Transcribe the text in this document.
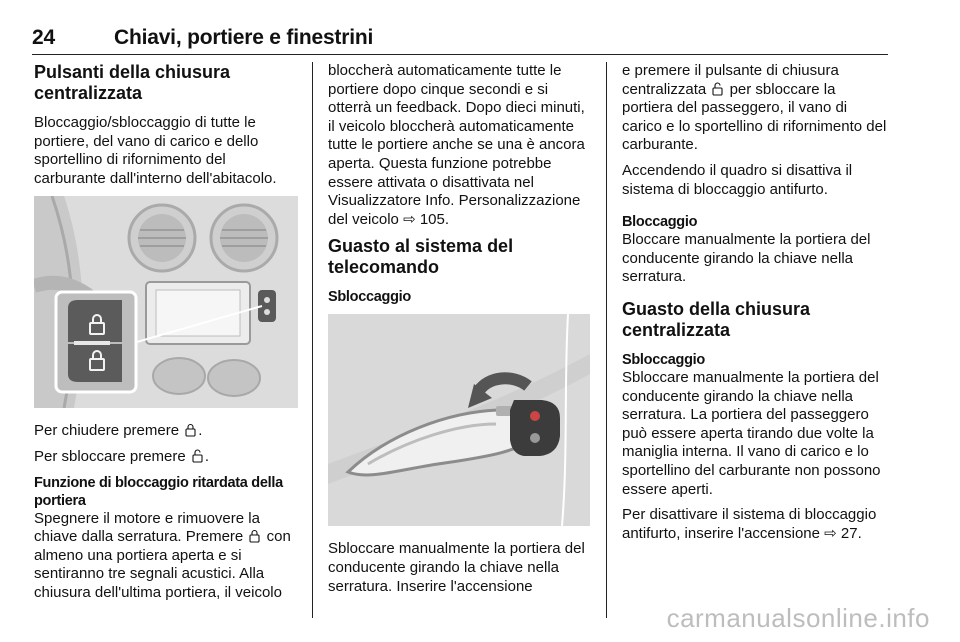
24	Chiavi, portiere e finestrini
Pulsanti della chiusura centralizzata

Bloccaggio/sbloccaggio di tutte le portiere, del vano di carico e dello sportellino di rifornimento del carburante dall'interno dell'abitacolo.

Per chiudere premere .

Per sbloccare premere .

Funzione di bloccaggio ritardata della portiera

Spegnere il motore e rimuovere la chiave dalla serratura. Premere con almeno una portiera aperta e si sentiranno tre segnali acustici. Alla chiusura dell'ultima portiera, il veicolo

bloccherà automaticamente tutte le portiere dopo cinque secondi e si otterrà un feedback. Dopo dieci minuti, il veicolo bloccherà automaticamente tutte le portiere anche se una è ancora aperta. Questa funzione potrebbe essere attivata o disattivata nel Visualizzatore Info. Personalizzazione del veicolo ⇨ 105.

Guasto al sistema del telecomando
Sbloccaggio

Sbloccare manualmente la portiera del conducente girando la chiave nella serratura. Inserire l'accensione

e premere il pulsante di chiusura centralizzata per sbloccare la portiera del passeggero, il vano di carico e lo sportellino di rifornimento del carburante.

Accendendo il quadro si disattiva il sistema di bloccaggio antifurto.

Bloccaggio

Bloccare manualmente la portiera del conducente girando la chiave nella serratura.

Guasto della chiusura centralizzata
Sbloccaggio

Sbloccare manualmente la portiera del conducente girando la chiave nella serratura. La portiera del passeggero può essere aperta tirando due volte la maniglia interna. Il vano di carico e lo sportellino del carburante non possono essere aperti.

Per disattivare il sistema di bloccaggio antifurto, inserire l'accensione ⇨ 27.

carmanualsonline.info
